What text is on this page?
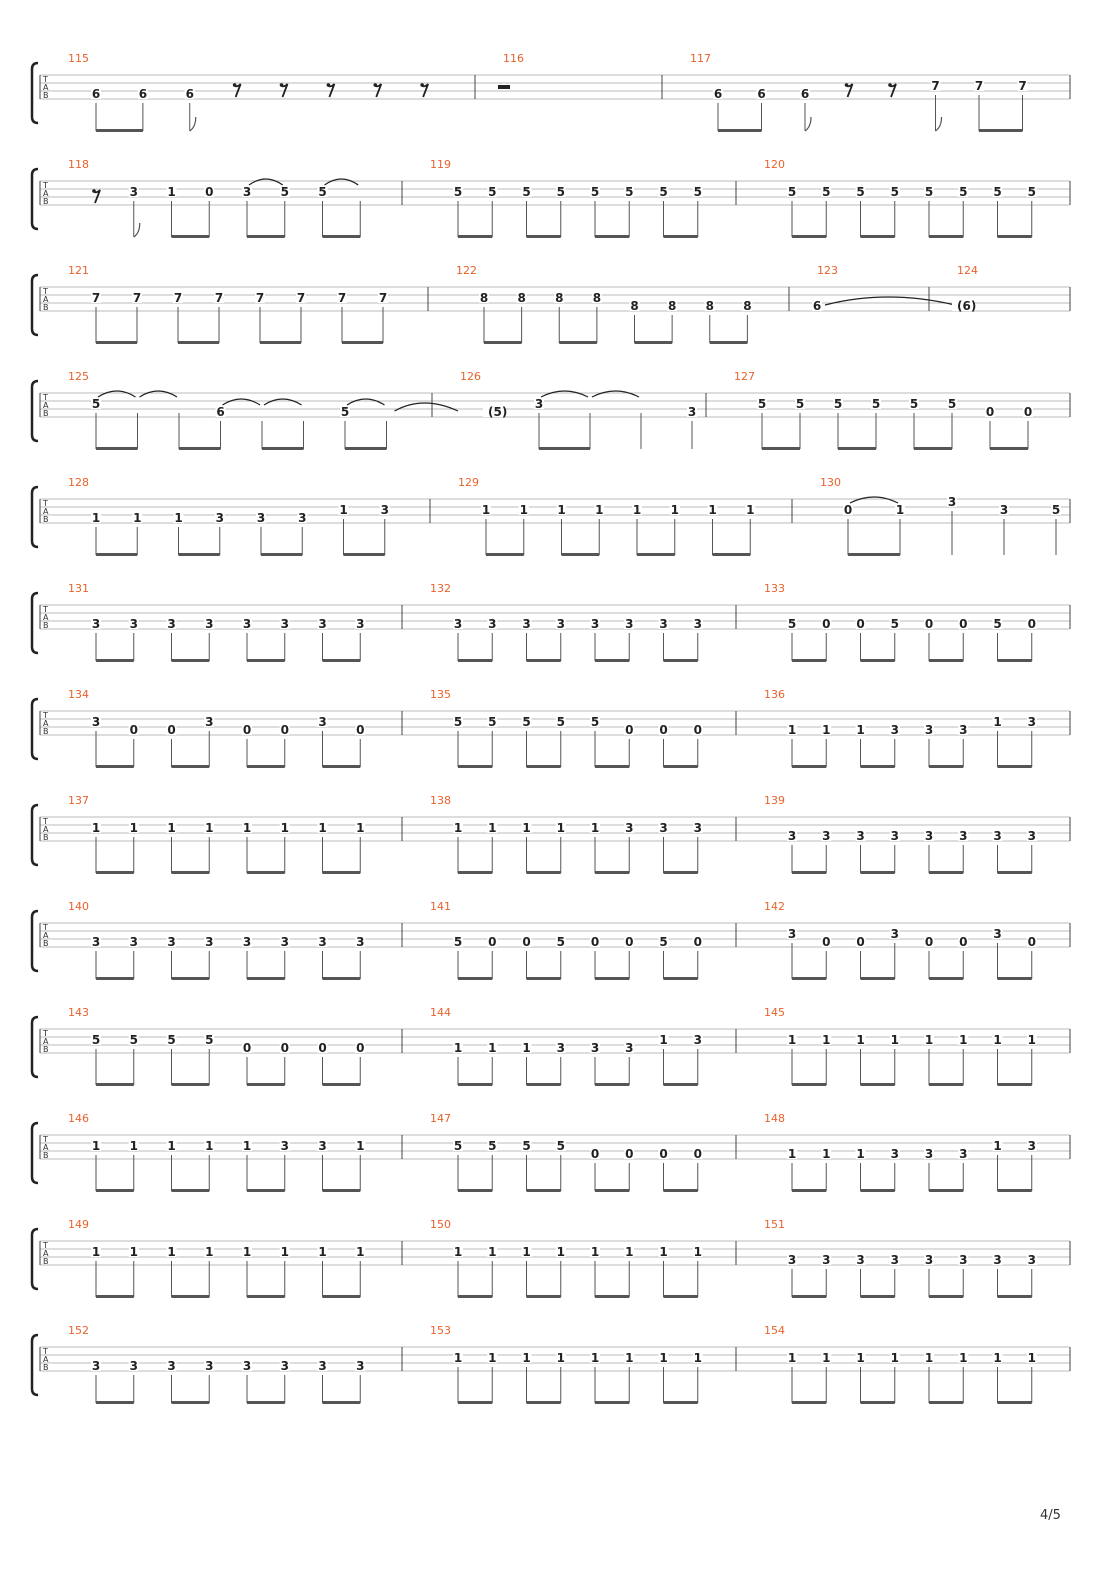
T
A
B
115
6	6	6
116	117
6	6	6
7	7	7
T
A
B
118
3 1 0 3 5 5
119
5 5 5 5 5 5 5 5
120
5 5 5 5 5 5 5 5
T
A
B
121
7	7	7	7	7	7	7	7
122
8 8 8 8
8 8 8 8
123
6
124
(6)
T
A
B
125
5
6	5
126
(5)
3
3
127
5 5 5 5 5 5
0 0
T
A
B
128
1	1	1	3	3	3
1	3
129
1 1 1 1 1 1 1 1
130
0	1
3
3	5
T
A
B
131
3 3 3 3 3 3 3 3
132
3 3 3 3 3 3 3 3
133
5 0 0 5 0 0 5 0
T
A
B
134
3
0 0
3
0 0
3
0
135
5 5 5 5 5
0 0 0
136
1 1 1 3 3 3
1 3
T
A
B
137
1 1 1 1 1 1 1 1
138
1 1 1 1 1 3 3 3
139
3 3 3 3 3 3 3 3
T
A
B
140
3 3 3 3 3 3 3 3
141
5 0 0 5 0 0 5 0
142
3
0 0
3
0 0
3
0
T
A
B
143
5 5 5 5
0 0 0 0
144
1 1 1 3 3 3
1 3
145
1 1 1 1 1 1 1 1
T
A
B
146
1 1 1 1 1 3 3 1
147
5 5 5 5
0 0 0 0
148
1 1 1 3 3 3
1 3
T
A
B
149
1 1 1 1 1 1 1 1
150
1 1 1 1 1 1 1 1
151
3 3 3 3 3 3 3 3
T
A
B
152
3 3 3 3 3 3 3 3
153
1 1 1 1 1 1 1 1
154
1 1 1 1 1 1 1 1
4/5
